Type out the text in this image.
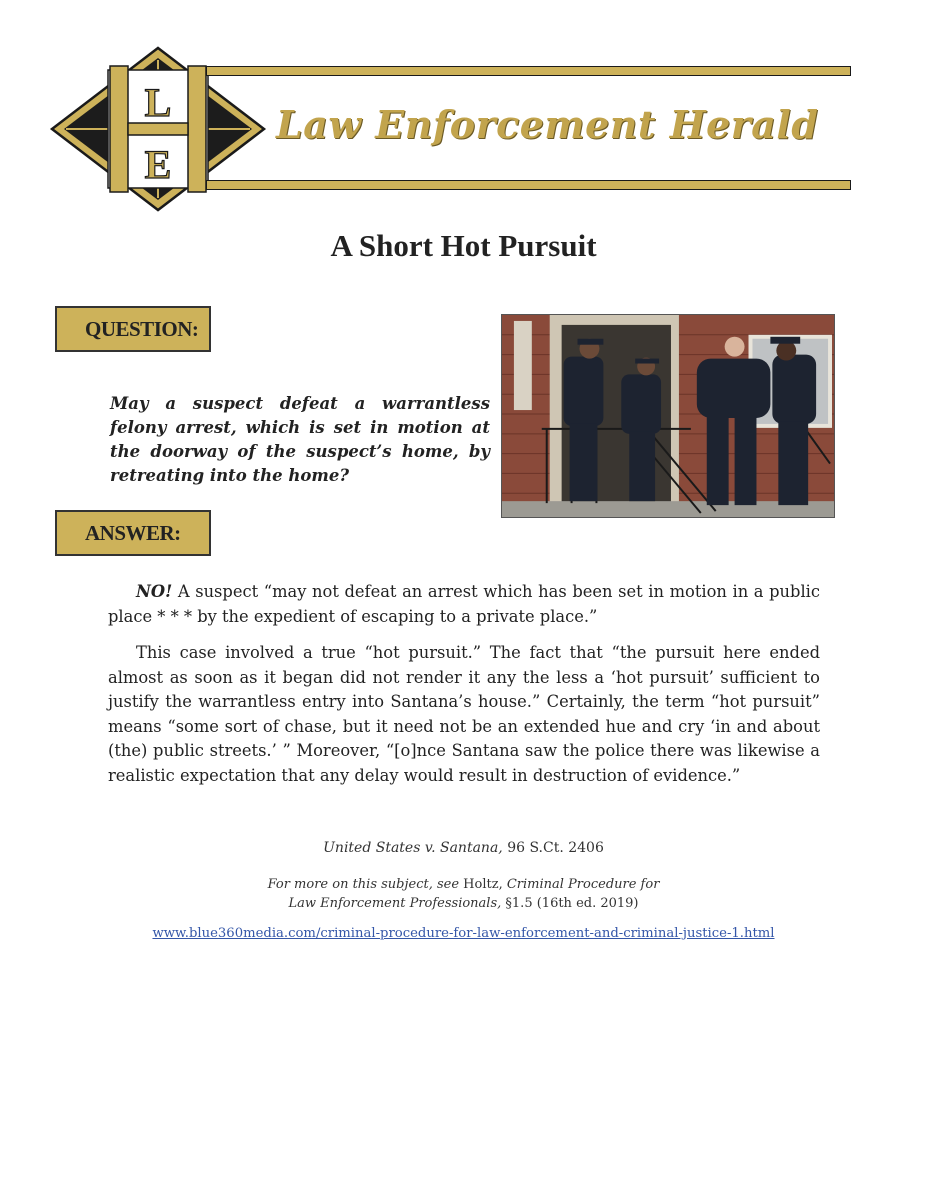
L
E
Law Enforcement Herald
A Short Hot Pursuit
QUESTION:
May a suspect defeat a warrantless felony arrest, which is set in motion at the doorway of the suspect’s home, by retreating into the home?
ANSWER:
NO! A suspect “may not defeat an arrest which has been set in motion in a public place * * * by the expedient of escaping to a private place.”
This case involved a true “hot pursuit.” The fact that “the pursuit here ended almost as soon as it began did not render it any the less a ‘hot pursuit’ sufficient to justify the warrantless entry into Santana’s house.” Certainly, the term “hot pursuit” means “some sort of chase, but it need not be an extended hue and cry ‘in and about (the) public streets.’ ” Moreover, “[o]nce Santana saw the police there was likewise a realistic expectation that any delay would result in destruction of evidence.”
United States v. Santana, 96 S.Ct. 2406
For more on this subject, see Holtz, Criminal Procedure for
Law Enforcement Professionals, §1.5 (16th ed. 2019)
www.blue360media.com/criminal-procedure-for-law-enforcement-and-criminal-justice-1.html
